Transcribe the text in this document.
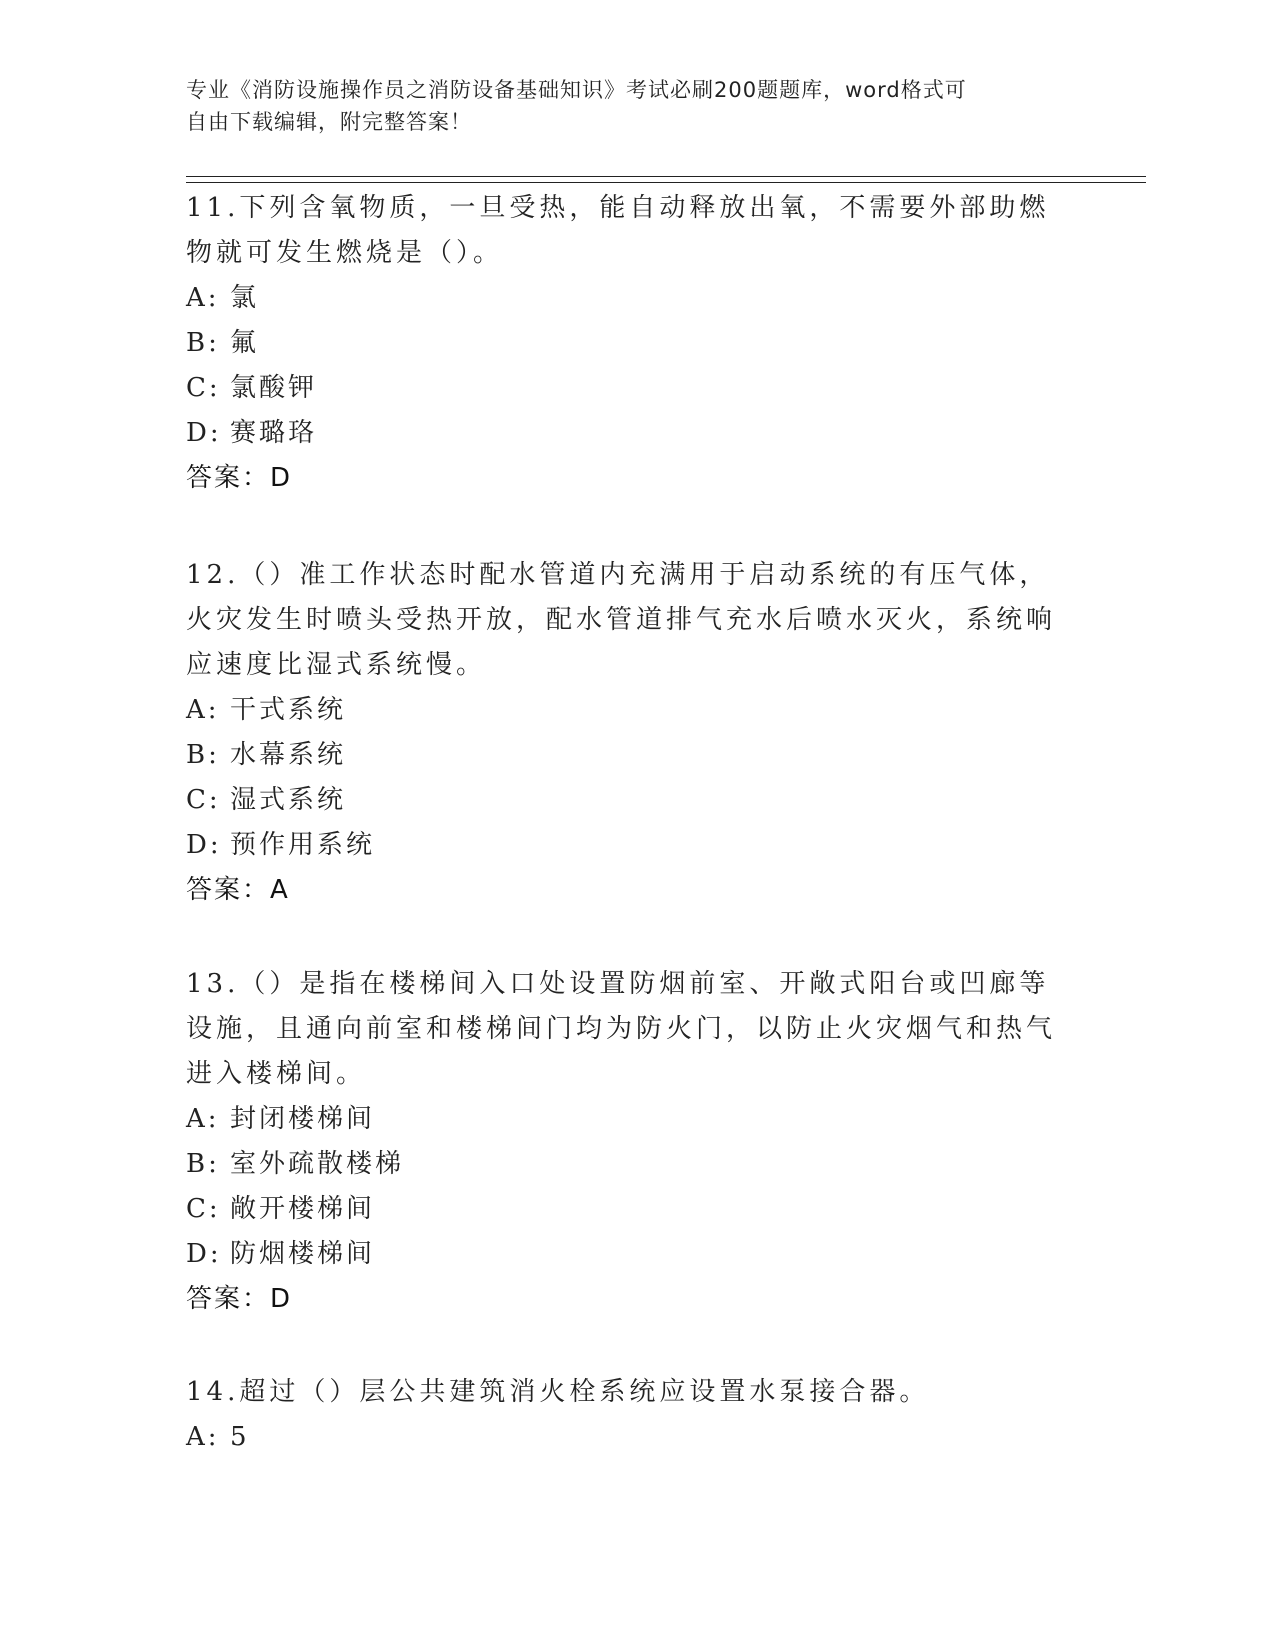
专业《消防设施操作员之消防设备基础知识》考试必刷200题题库，word格式可
自由下载编辑，附完整答案！

11.下列含氧物质，一旦受热，能自动释放出氧，不需要外部助燃物就可发生燃烧是（）。

A: 氯

B: 氟

C: 氯酸钾

D: 赛璐珞

答案：D

12.（）准工作状态时配水管道内充满用于启动系统的有压气体，火灾发生时喷头受热开放，配水管道排气充水后喷水灭火，系统响应速度比湿式系统慢。

A: 干式系统

B: 水幕系统

C: 湿式系统

D: 预作用系统

答案：A

13.（）是指在楼梯间入口处设置防烟前室、开敞式阳台或凹廊等设施，且通向前室和楼梯间门均为防火门，以防止火灾烟气和热气进入楼梯间。

A: 封闭楼梯间

B: 室外疏散楼梯

C: 敞开楼梯间

D: 防烟楼梯间

答案：D

14.超过（）层公共建筑消火栓系统应设置水泵接合器。

A: 5
